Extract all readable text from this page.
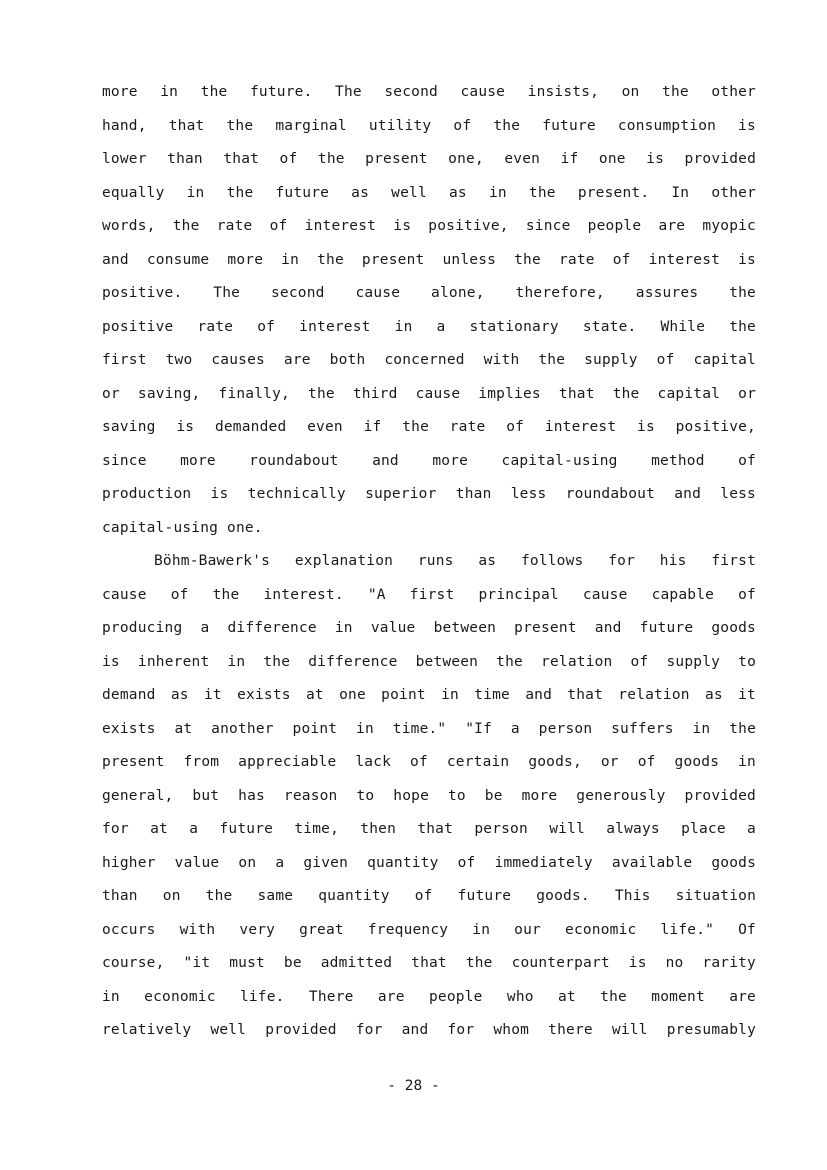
more in the future. The second cause insists, on the other
hand, that the marginal utility of the future consumption is
lower than that of the present one, even if one is provided
equally in the future as well as in the present. In other
words, the rate of interest is positive, since people are myopic
and consume more in the present unless the rate of interest is
positive. The second cause alone, therefore, assures the
positive rate of interest in a stationary state. While the
first two causes are both concerned with the supply of capital
or saving, finally, the third cause implies that the capital or
saving is demanded even if the rate of interest is positive,
since more roundabout and more capital-using method of
production is technically superior than less roundabout and less
capital-using one.
Böhm-Bawerk's explanation runs as follows for his first
cause of the interest. "A first principal cause capable of
producing a difference in value between present and future goods
is inherent in the difference between the relation of supply to
demand as it exists at one point in time and that relation as it
exists at another point in time." "If a person suffers in the
present from appreciable lack of certain goods, or of goods in
general, but has reason to hope to be more generously provided
for at a future time, then that person will always place a
higher value on a given quantity of immediately available goods
than on the same quantity of future goods. This situation
occurs with very great frequency in our economic life." Of
course, "it must be admitted that the counterpart is no rarity
in economic life. There are people who at the moment are
relatively well provided for and for whom there will presumably
- 28 -
